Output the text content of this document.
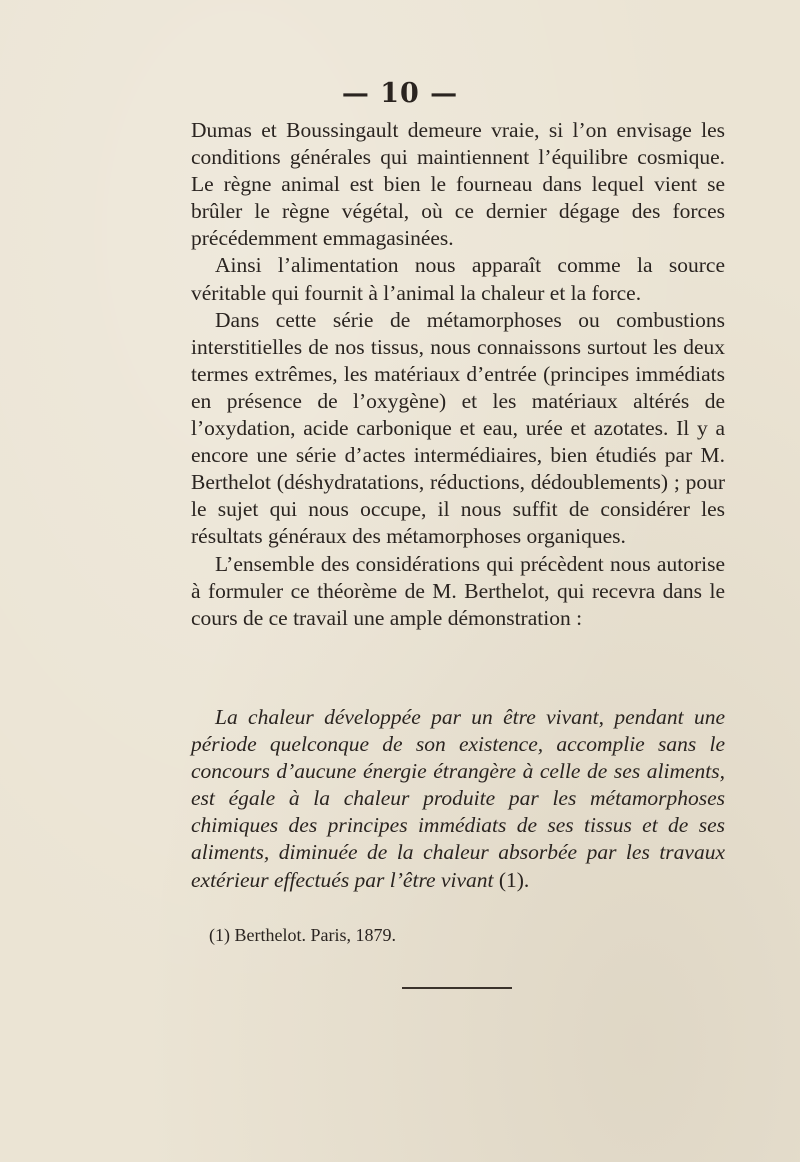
— 10 —

Dumas et Boussingault demeure vraie, si l’on envisage les conditions générales qui maintiennent l’équilibre cosmique. Le règne animal est bien le fourneau dans lequel vient se brûler le règne végétal, où ce dernier dégage des forces précédemment emmagasinées.

Ainsi l’alimentation nous apparaît comme la source véritable qui fournit à l’animal la chaleur et la force.

Dans cette série de métamorphoses ou combustions interstitielles de nos tissus, nous connaissons surtout les deux termes extrêmes, les matériaux d’entrée (principes immédiats en présence de l’oxygène) et les matériaux altérés de l’oxydation, acide carbonique et eau, urée et azotates. Il y a encore une série d’actes intermédiaires, bien étudiés par M. Berthelot (déshydratations, réductions, dédoublements) ; pour le sujet qui nous occupe, il nous suffit de considérer les résultats généraux des métamorphoses organiques.

L’ensemble des considérations qui précèdent nous autorise à formuler ce théorème de M. Berthelot, qui recevra dans le cours de ce travail une ample démonstration :

La chaleur développée par un être vivant, pendant une période quelconque de son existence, accomplie sans le concours d’aucune énergie étrangère à celle de ses aliments, est égale à la chaleur produite par les métamorphoses chimiques des principes immédiats de ses tissus et de ses aliments, diminuée de la chaleur absorbée par les travaux extérieur effectués par l’être vivant (1).
(1) Berthelot. Paris, 1879.
